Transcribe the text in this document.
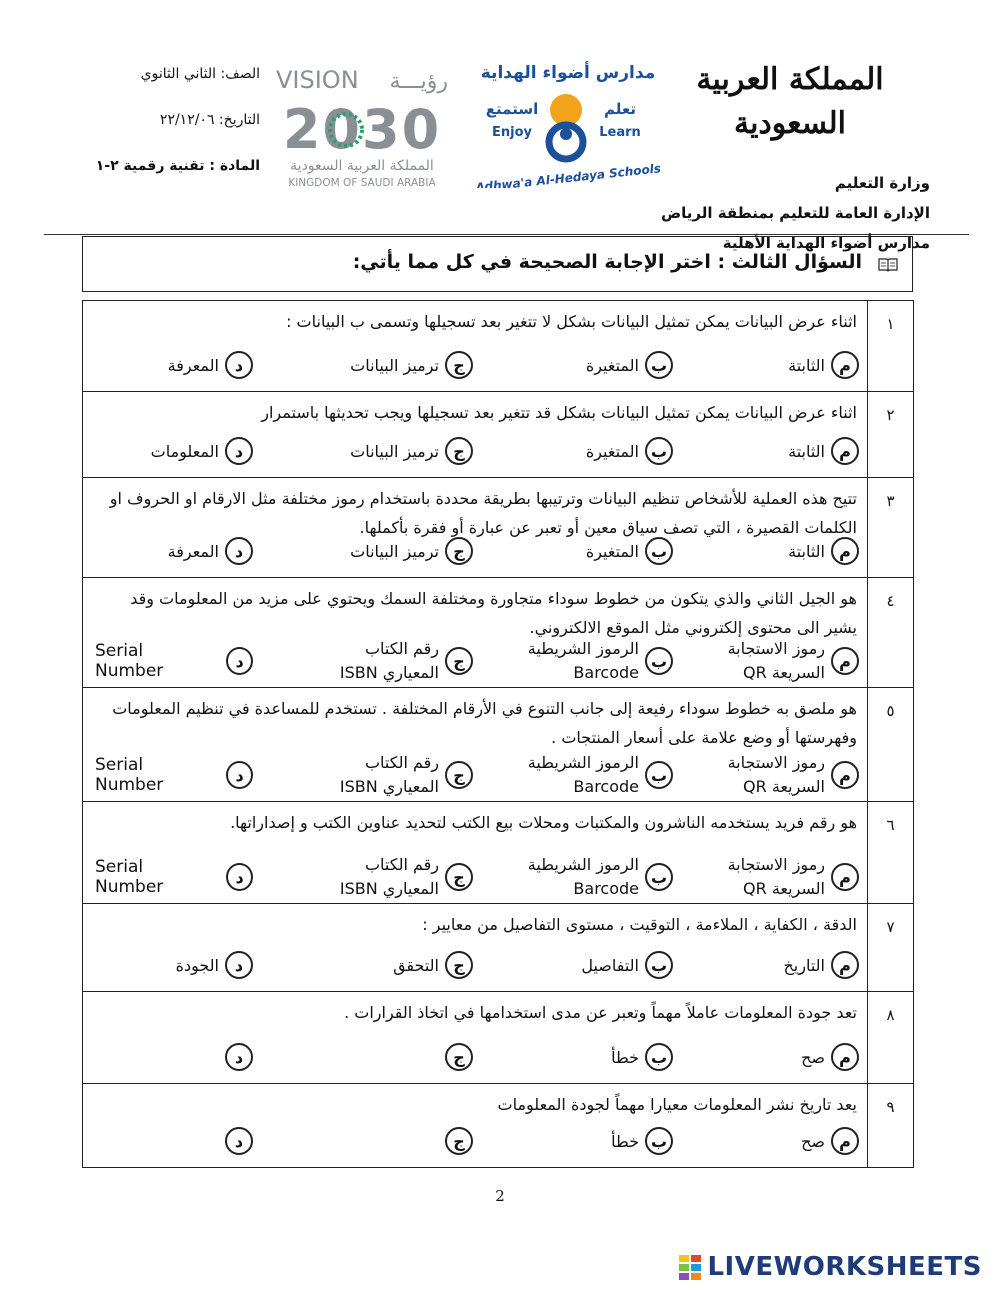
المملكة العربية السعودية
وزارة التعليم
الإدارة العامة للتعليم بمنطقة الرياض
مدارس أضواء الهداية الأهلية
مدارس أضواء الهداية
تعلم
Learn
استمتع
Enjoy
Adhwa'a Al-Hedaya Schools
VISION رؤيـــة
2030
المملكة العربية السعودية
KINGDOM OF SAUDI ARABIA
الصف: الثاني الثانوي
التاريخ: ٢٢/١٢/٠٦
المادة : تقنية رقمية ٢-١
السؤال الثالث : اختر الإجابة الصحيحة في كل مما يأتي:
١
اثناء عرض البيانات يمكن تمثيل البيانات بشكل لا تتغير بعد تسجيلها وتسمى ب البيانات :
م
الثابتة
ب
المتغيرة
ج
ترميز البيانات
د
المعرفة
٢
اثناء عرض البيانات يمكن تمثيل البيانات بشكل قد تتغير بعد تسجيلها ويجب تحديثها باستمرار
م
الثابتة
ب
المتغيرة
ج
ترميز البيانات
د
المعلومات
٣
تتيح هذه العملية للأشخاص تنظيم البيانات وترتيبها بطريقة محددة باستخدام رموز مختلفة مثل الارقام او الحروف او الكلمات القصيرة ، التي تصف سياق معين أو تعبر عن عبارة أو فقرة بأكملها.
م
الثابتة
ب
المتغيرة
ج
ترميز البيانات
د
المعرفة
٤
هو الجيل الثاني والذي يتكون من خطوط سوداء متجاورة ومختلفة السمك ويحتوي على مزيد من المعلومات وقد يشير الى محتوى إلكتروني مثل الموقع الالكتروني.
م
رموز الاستجابة
السريعة QR
ب
الرموز الشريطية
Barcode
ج
رقم الكتاب
المعياري ISBN
د
Serial Number
٥
هو ملصق به خطوط سوداء رفيعة إلى جانب التنوع في الأرقام المختلفة . تستخدم للمساعدة في تنظيم المعلومات وفهرستها أو وضع علامة على أسعار المنتجات .
م
رموز الاستجابة
السريعة QR
ب
الرموز الشريطية
Barcode
ج
رقم الكتاب
المعياري ISBN
د
Serial Number
٦
هو رقم فريد يستخدمه الناشرون والمكتبات ومحلات بيع الكتب لتحديد عناوين الكتب و إصداراتها.
م
رموز الاستجابة
السريعة QR
ب
الرموز الشريطية
Barcode
ج
رقم الكتاب
المعياري ISBN
د
Serial Number
٧
الدقة ، الكفاية ، الملاءمة ، التوقيت ، مستوى التفاصيل من معايير :
م
التاريخ
ب
التفاصيل
ج
التحقق
د
الجودة
٨
تعد جودة المعلومات عاملاً مهماً وتعبر عن مدى استخدامها في اتخاذ القرارات .
م
صح
ب
خطأ
ج
د
٩
يعد تاريخ نشر المعلومات معيارا مهماً لجودة المعلومات
م
صح
ب
خطأ
ج
د
2
LIVEWORKSHEETS
